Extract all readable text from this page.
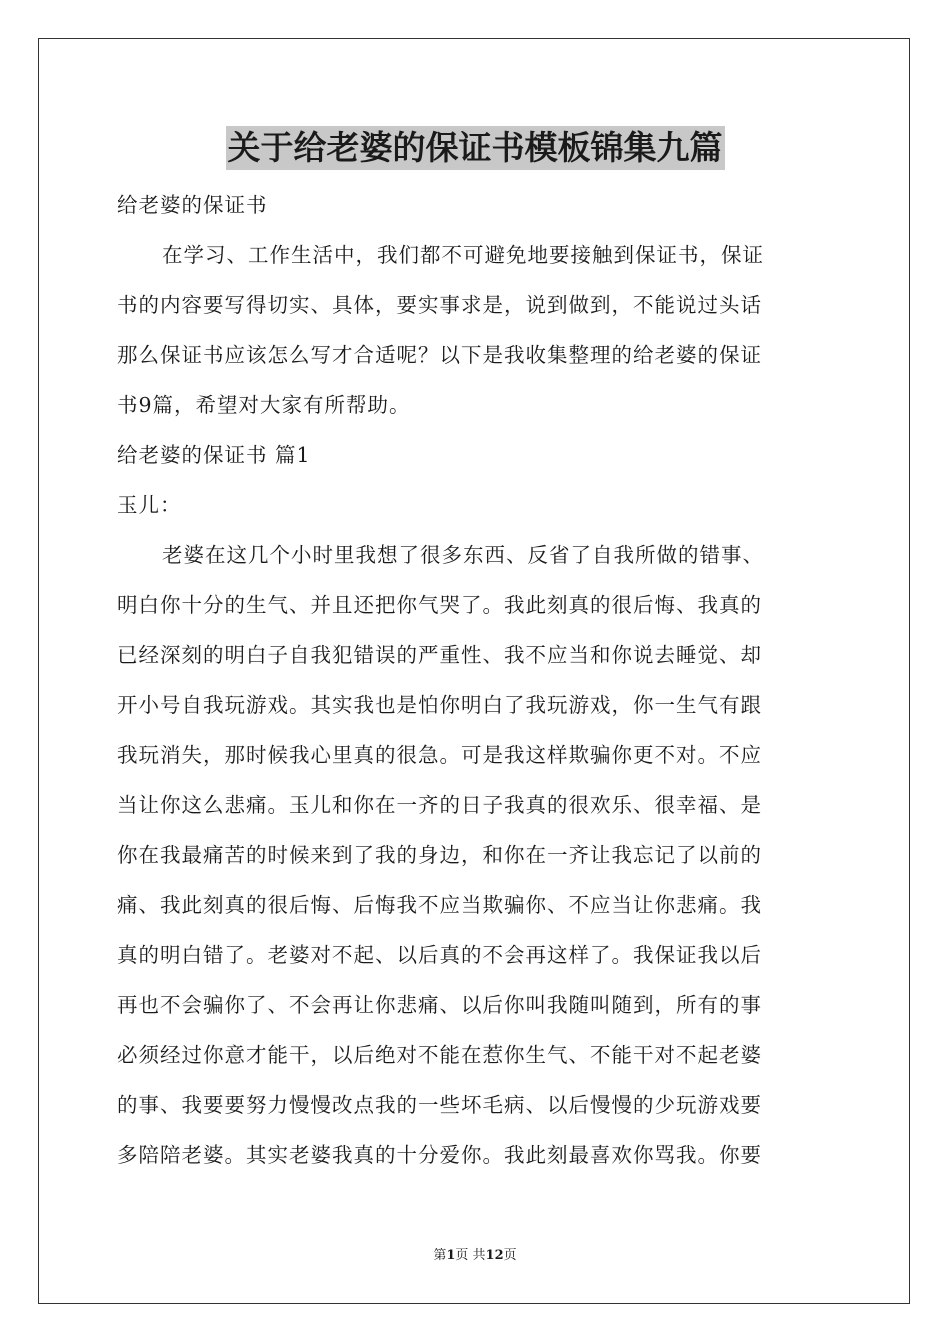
关于给老婆的保证书模板锦集九篇
给老婆的保证书
在学习、工作生活中，我们都不可避免地要接触到保证书，保证
书的内容要写得切实、具体，要实事求是，说到做到，不能说过头话
那么保证书应该怎么写才合适呢？以下是我收集整理的给老婆的保证
书9篇，希望对大家有所帮助。
给老婆的保证书 篇1
玉儿：
老婆在这几个小时里我想了很多东西、反省了自我所做的错事、
明白你十分的生气、并且还把你气哭了。我此刻真的很后悔、我真的
已经深刻的明白子自我犯错误的严重性、我不应当和你说去睡觉、却
开小号自我玩游戏。其实我也是怕你明白了我玩游戏，你一生气有跟
我玩消失，那时候我心里真的很急。可是我这样欺骗你更不对。不应
当让你这么悲痛。玉儿和你在一齐的日子我真的很欢乐、很幸福、是
你在我最痛苦的时候来到了我的身边，和你在一齐让我忘记了以前的
痛、我此刻真的很后悔、后悔我不应当欺骗你、不应当让你悲痛。我
真的明白错了。老婆对不起、以后真的不会再这样了。我保证我以后
再也不会骗你了、不会再让你悲痛、以后你叫我随叫随到，所有的事
必须经过你意才能干，以后绝对不能在惹你生气、不能干对不起老婆
的事、我要要努力慢慢改点我的一些坏毛病、以后慢慢的少玩游戏要
多陪陪老婆。其实老婆我真的十分爱你。我此刻最喜欢你骂我。你要
第1页 共12页
